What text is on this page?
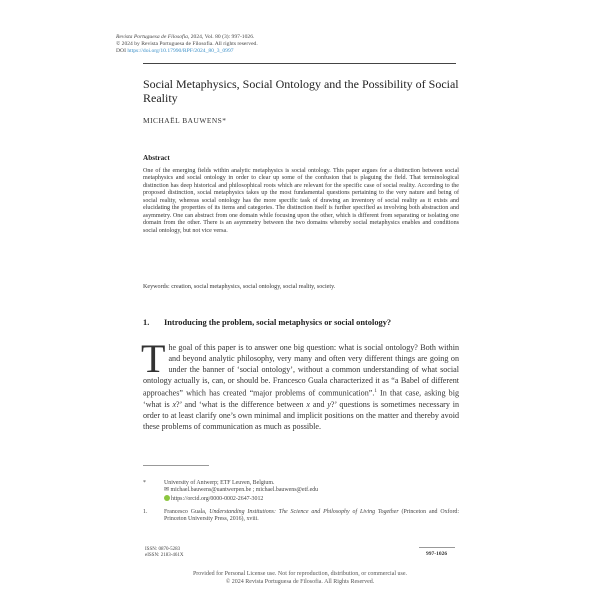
Revista Portuguesa de Filosofia, 2024, Vol. 80 (3): 997-1026.
© 2024 by Revista Portuguesa de Filosofia. All rights reserved.
DOI https://doi.org/10.17990/RPF/2024_80_3_0997
Social Metaphysics, Social Ontology and the Possibility of Social Reality
MICHAËL BAUWENS*
Abstract
One of the emerging fields within analytic metaphysics is social ontology. This paper argues for a distinction between social metaphysics and social ontology in order to clear up some of the confusion that is plaguing the field. That terminological distinction has deep historical and philosophical roots which are relevant for the specific case of social reality. According to the proposed distinction, social metaphysics takes up the most fundamental questions pertaining to the very nature and being of social reality, whereas social ontology has the more specific task of drawing an inventory of social reality as it exists and elucidating the properties of its items and categories. The distinction itself is further specified as involving both abstraction and asymmetry. One can abstract from one domain while focusing upon the other, which is different from separating or isolating one domain from the other. There is an asymmetry between the two domains whereby social metaphysics enables and conditions social ontology, but not vice versa.
Keywords: creation, social metaphysics, social ontology, social reality, society.
1. Introducing the problem, social metaphysics or social ontology?
The goal of this paper is to answer one big question: what is social ontology? Both within and beyond analytic philosophy, very many and often very different things are going on under the banner of ‘social ontology’, without a common understanding of what social ontology actually is, can, or should be. Francesco Guala characterized it as “a Babel of different approaches” which has created “major problems of communication”.$^1$ In that case, asking big ‘what is x?’ and ‘what is the difference between x and y?’ questions is sometimes necessary in order to at least clarify one’s own minimal and implicit positions on the matter and thereby avoid these problems of communication as much as possible.
*	University of Antwerp; ETF Leuven, Belgium.
✉ michael.bauwens@uantwerpen.be ; michael.bauwens@etf.edu
https://orcid.org/0000-0002-2647-3012
1.	Francesco Guala, Understanding Institutions: The Science and Philosophy of Living Together (Princeton and Oxford: Princeton University Press, 2016), xviii.
ISSN: 0870-5283
eISSN: 2183-461X	997-1026
Provided for Personal License use. Not for reproduction, distribution, or commercial use.
© 2024 Revista Portuguesa de Filosofia. All Rights Reserved.
